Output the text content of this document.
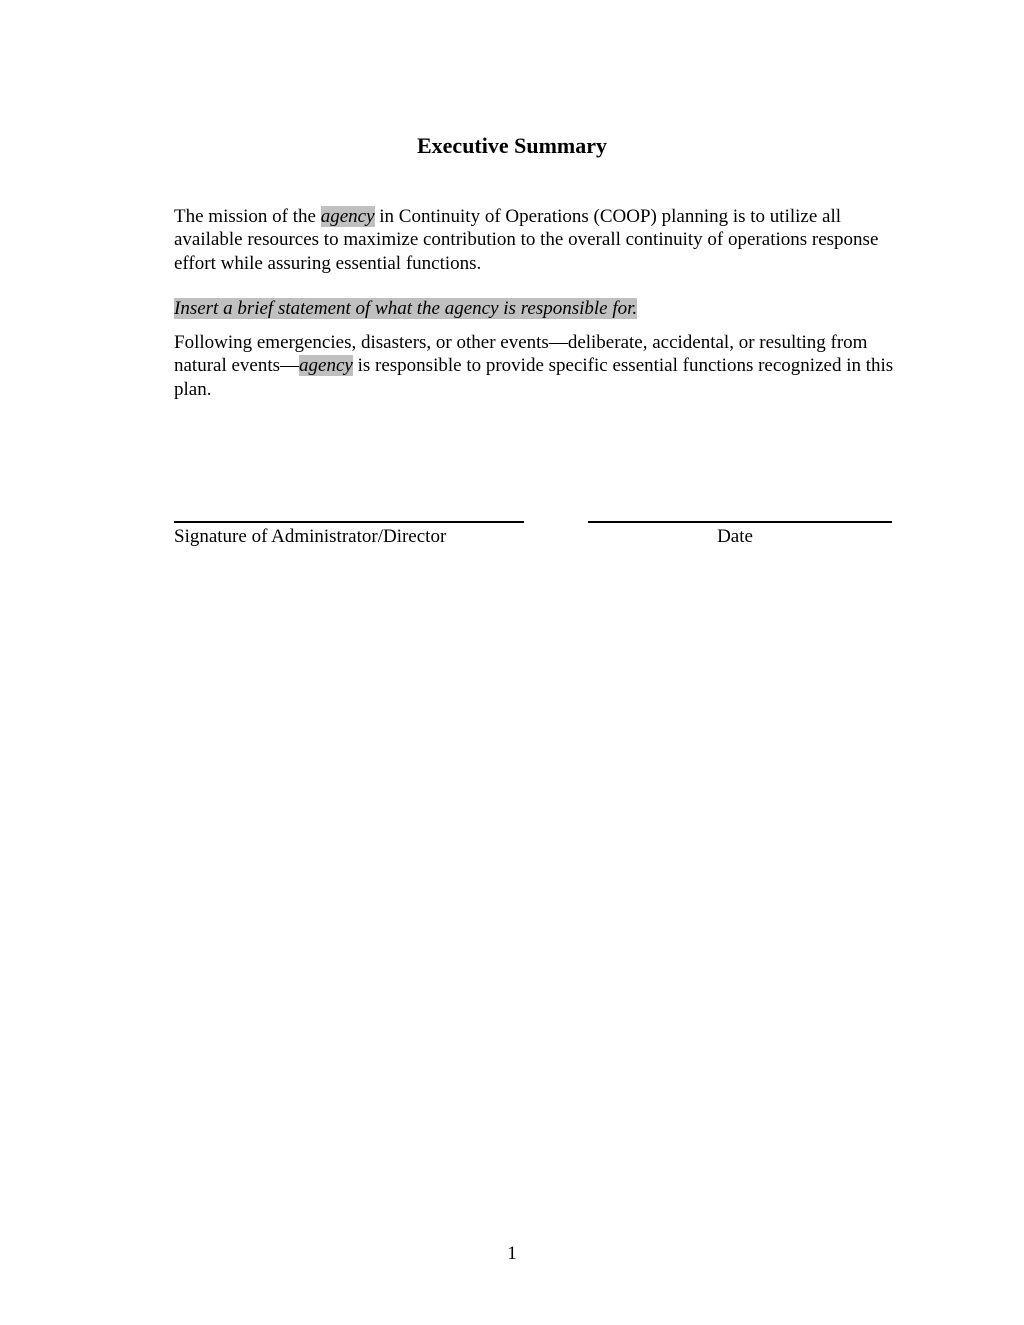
Executive Summary

The mission of the agency in Continuity of Operations (COOP) planning is to utilize all available resources to maximize contribution to the overall continuity of operations response effort while assuring essential functions.

Insert a brief statement of what the agency is responsible for.

Following emergencies, disasters, or other events—deliberate, accidental, or resulting from natural events—agency is responsible to provide specific essential functions recognized in this plan.

Signature of Administrator/Director	Date

1
